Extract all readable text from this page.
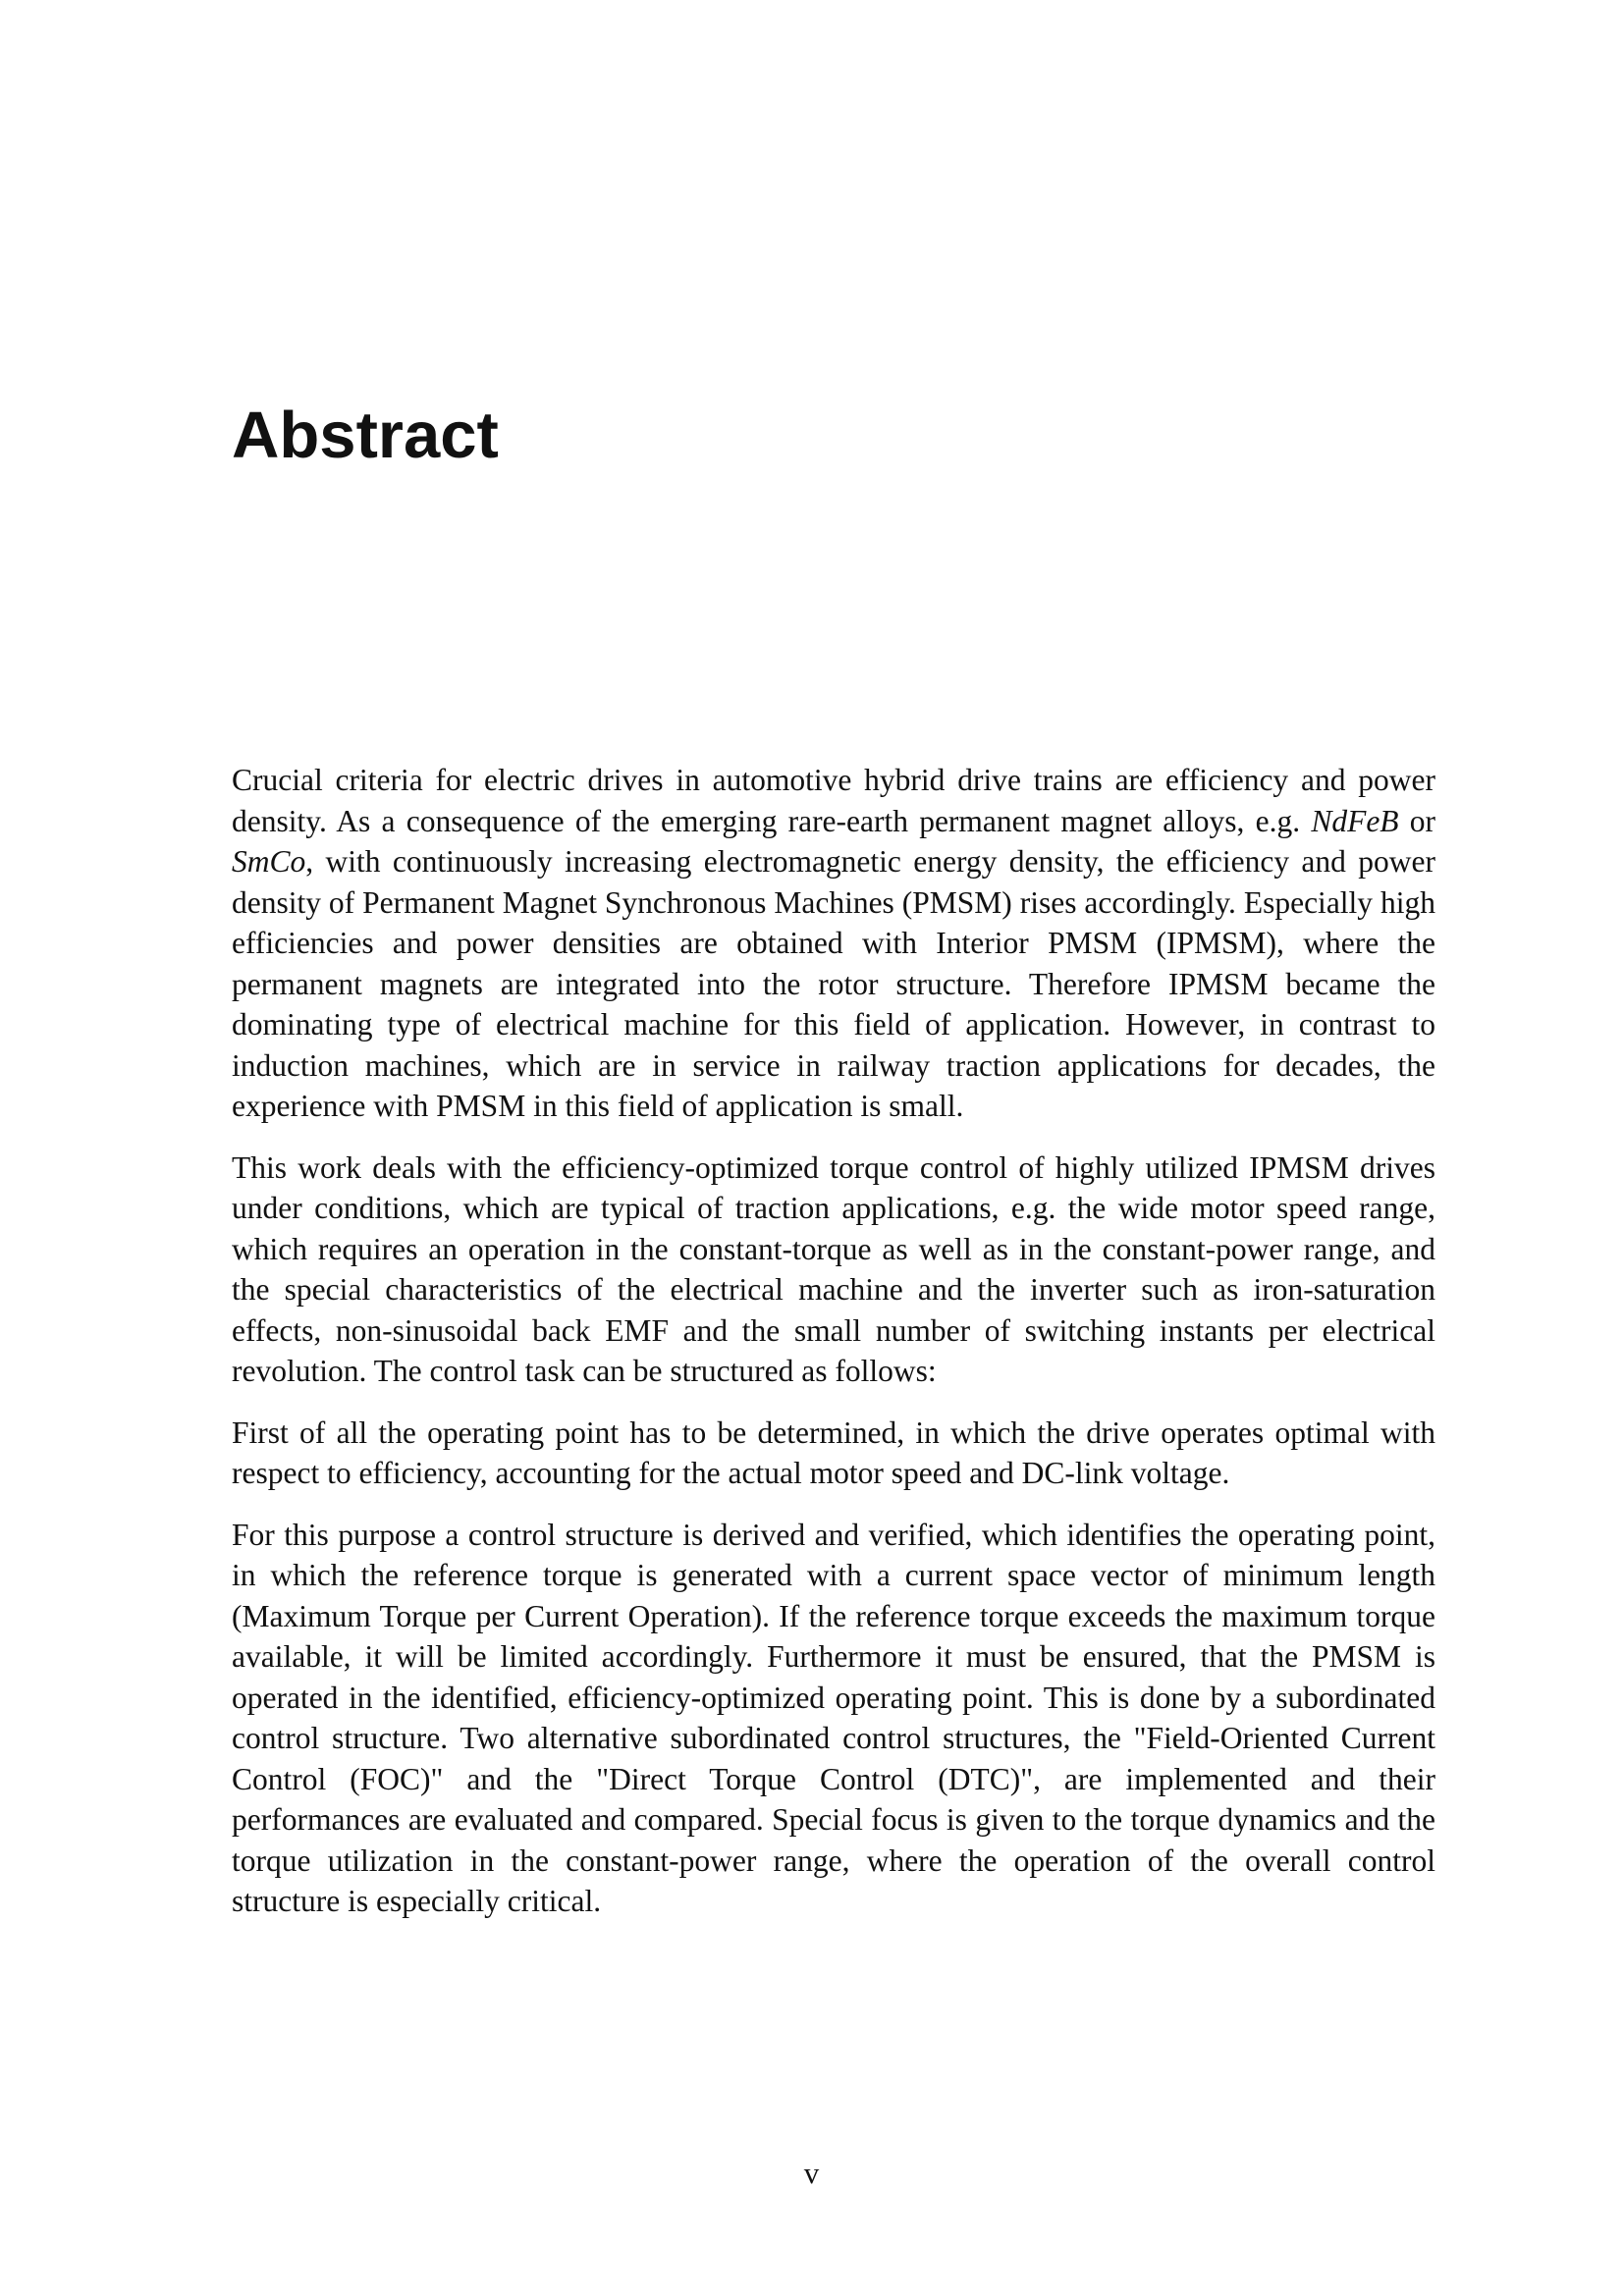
Abstract

Crucial criteria for electric drives in automotive hybrid drive trains are efficiency and power density. As a consequence of the emerging rare-earth permanent magnet alloys, e.g. NdFeB or SmCo, with continuously increasing electromagnetic energy density, the efficiency and power density of Permanent Magnet Synchronous Machines (PMSM) rises accordingly. Especially high efficiencies and power densities are obtained with Interior PMSM (IPMSM), where the permanent magnets are integrated into the rotor structure. Therefore IPMSM became the dominating type of electrical machine for this field of application. However, in contrast to induction machines, which are in service in railway traction applications for decades, the experience with PMSM in this field of application is small.

This work deals with the efficiency-optimized torque control of highly utilized IPMSM drives under conditions, which are typical of traction applications, e.g. the wide motor speed range, which requires an operation in the constant-torque as well as in the constant-power range, and the special characteristics of the electrical machine and the inverter such as iron-saturation effects, non-sinusoidal back EMF and the small number of switching instants per electrical revolution. The control task can be structured as follows:

First of all the operating point has to be determined, in which the drive operates optimal with respect to efficiency, accounting for the actual motor speed and DC-link voltage.

For this purpose a control structure is derived and verified, which identifies the operating point, in which the reference torque is generated with a current space vector of minimum length (Maximum Torque per Current Operation). If the reference torque exceeds the maximum torque available, it will be limited accordingly. Furthermore it must be ensured, that the PMSM is operated in the identified, efficiency-optimized operating point. This is done by a subordinated control structure. Two alternative subordinated control structures, the "Field-Oriented Current Control (FOC)" and the "Direct Torque Control (DTC)", are implemented and their performances are evaluated and compared. Special focus is given to the torque dynamics and the torque utilization in the constant-power range, where the operation of the overall control structure is especially critical.

v
